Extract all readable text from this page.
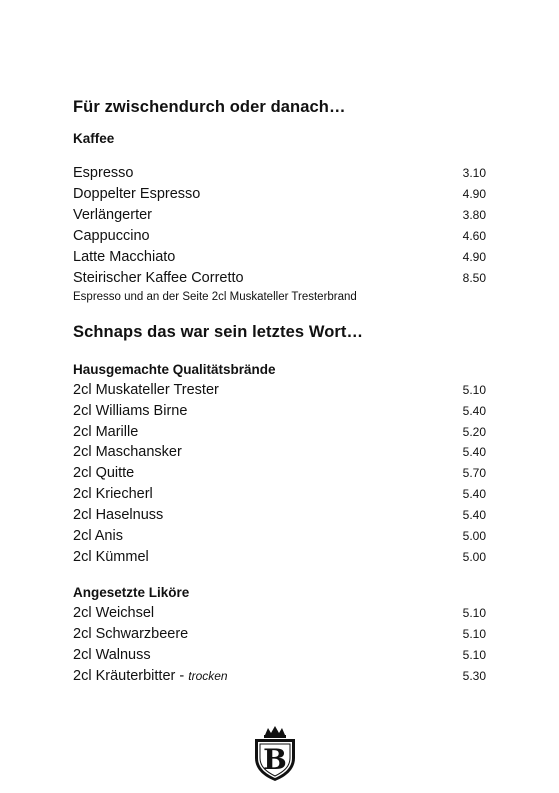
Für zwischendurch oder danach…
Kaffee
Espresso	3.10
Doppelter Espresso	4.90
Verlängerter	3.80
Cappuccino	4.60
Latte Macchiato	4.90
Steirischer Kaffee Corretto	8.50
Espresso und an der Seite 2cl Muskateller Tresterbrand
Schnaps das war sein letztes Wort…
Hausgemachte Qualitätsbrände
2cl Muskateller Trester	5.10
2cl Williams Birne	5.40
2cl Marille	5.20
2cl Maschansker	5.40
2cl Quitte	5.70
2cl Kriecherl	5.40
2cl Haselnuss	5.40
2cl Anis	5.00
2cl Kümmel	5.00
Angesetzte Liköre
2cl Weichsel	5.10
2cl Schwarzbeere	5.10
2cl Walnuss	5.10
2cl Kräuterbitter - trocken	5.30
B
